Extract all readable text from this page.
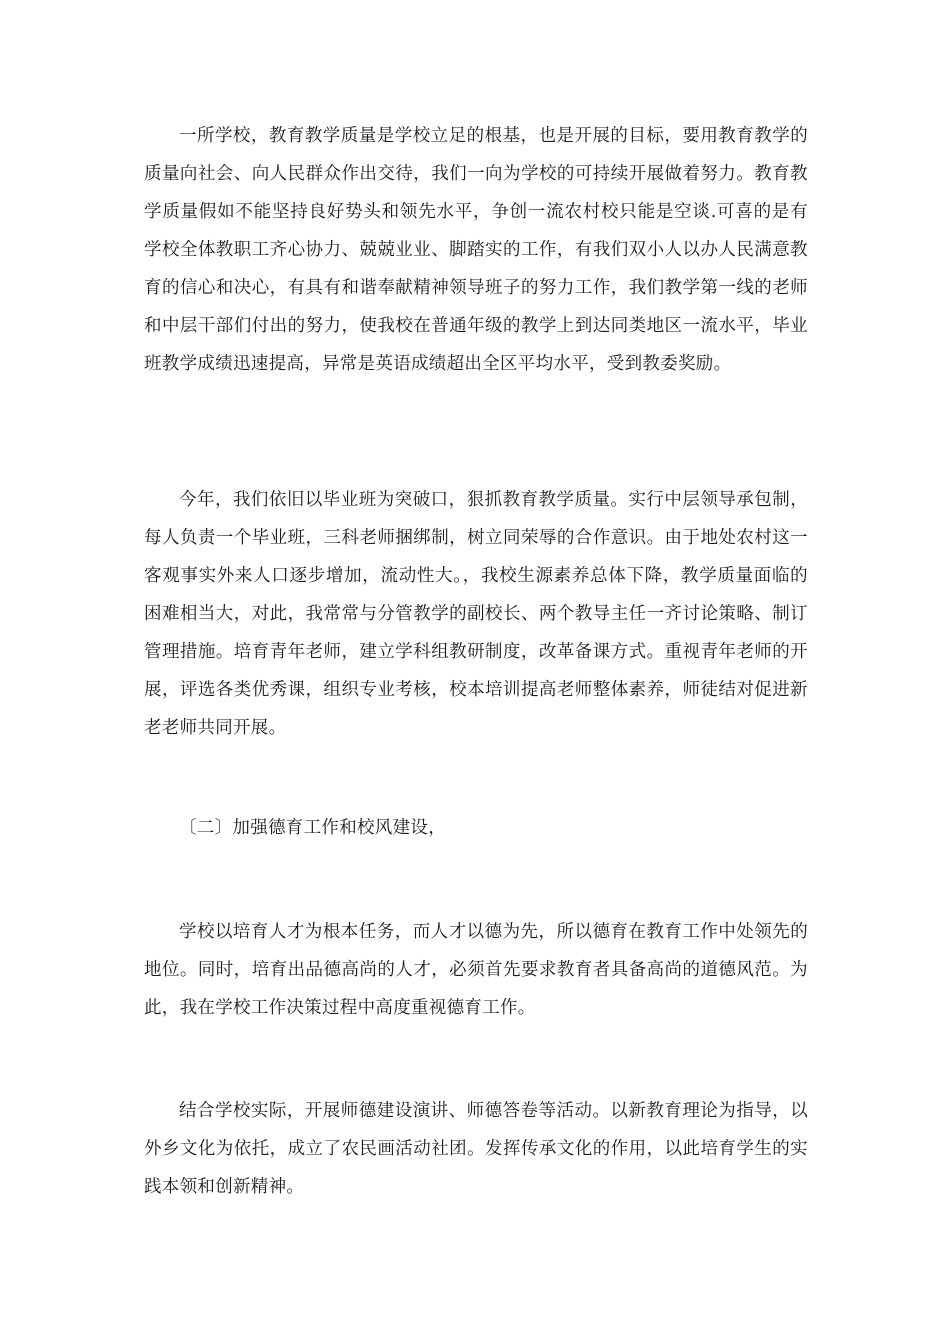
一所学校，教育教学质量是学校立足的根基，也是开展的目标，要用教育教学的质量向社会、向人民群众作出交待，我们一向为学校的可持续开展做着努力。教育教学质量假如不能坚持良好势头和领先水平，争创一流农村校只能是空谈.可喜的是有学校全体教职工齐心协力、兢兢业业、脚踏实的工作，有我们双小人以办人民满意教育的信心和决心，有具有和谐奉献精神领导班子的努力工作，我们教学第一线的老师和中层干部们付出的努力，使我校在普通年级的教学上到达同类地区一流水平，毕业班教学成绩迅速提高，异常是英语成绩超出全区平均水平，受到教委奖励。

今年，我们依旧以毕业班为突破口，狠抓教育教学质量。实行中层领导承包制，每人负责一个毕业班，三科老师捆绑制，树立同荣辱的合作意识。由于地处农村这一客观事实外来人口逐步增加，流动性大。，我校生源素养总体下降，教学质量面临的困难相当大，对此，我常常与分管教学的副校长、两个教导主任一齐讨论策略、制订管理措施。培育青年老师，建立学科组教研制度，改革备课方式。重视青年老师的开展，评选各类优秀课，组织专业考核，校本培训提高老师整体素养，师徒结对促进新老老师共同开展。

〔二〕加强德育工作和校风建设，

学校以培育人才为根本任务，而人才以德为先，所以德育在教育工作中处领先的地位。同时，培育出品德高尚的人才，必须首先要求教育者具备高尚的道德风范。为此，我在学校工作决策过程中高度重视德育工作。

结合学校实际，开展师德建设演讲、师德答卷等活动。以新教育理论为指导，以外乡文化为依托，成立了农民画活动社团。发挥传承文化的作用，以此培育学生的实践本领和创新精神。
